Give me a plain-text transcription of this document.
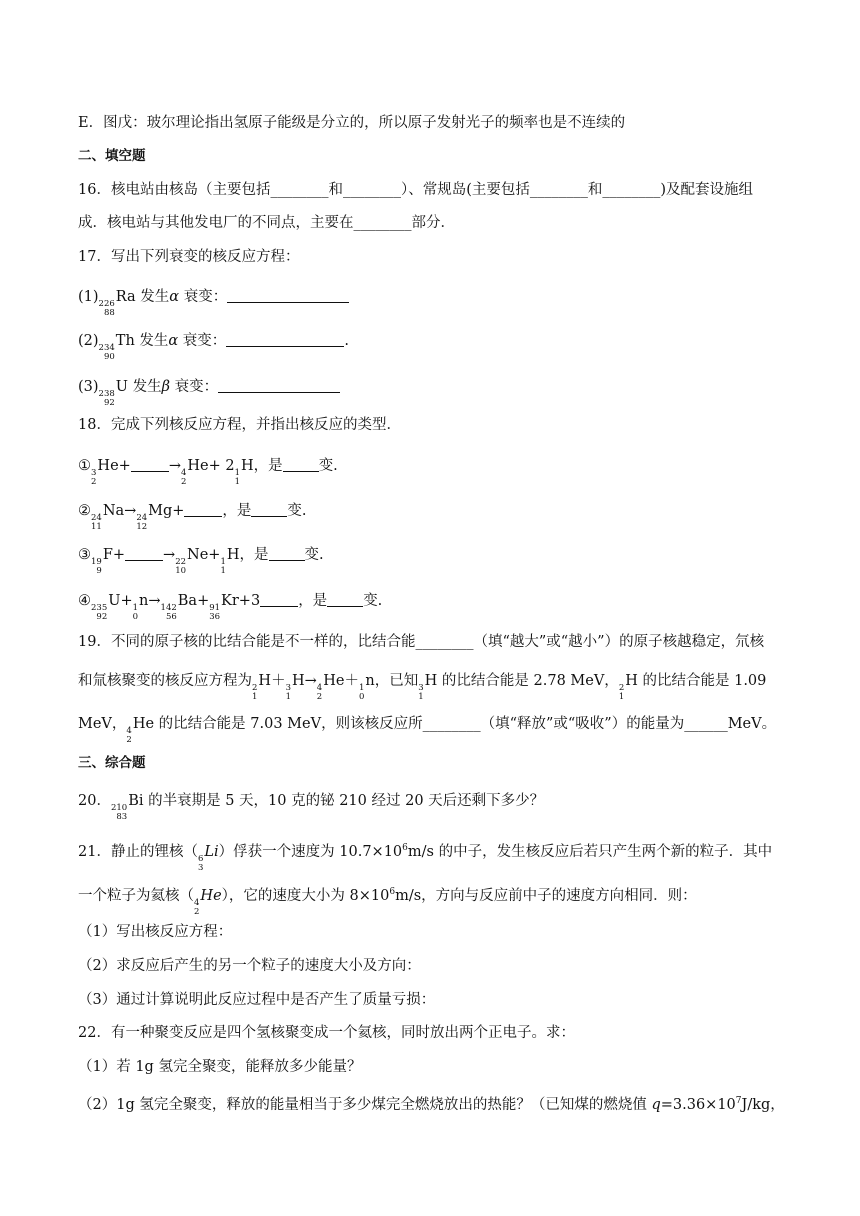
E．图戊：玻尔理论指出氢原子能级是分立的，所以原子发射光子的频率也是不连续的
二、填空题
16．核电站由核岛（主要包括________和________）、常规岛(主要包括________和________)及配套设施组
成．核电站与其他发电厂的不同点，主要在________部分．
17．写出下列衰变的核反应方程：
(1) 226
88
Ra 发生α 衰变：
(2) 234
90
Th 发生α 衰变：	.
(3) 238
92
U 发生β 衰变：
18．完成下列核反应方程，并指出核反应的类型．
① 3
2
He+	→ 4
2
He+ 2 1
1
H，是 变.
② 24
11
Na→ 24
12
Mg+	，是 变.
③ 19
9
F+	→ 22
10
Ne+ 1
1
H，是 变.
④ 235
92
U+ 1
0
n→ 142
56
Ba+ 91
36
Kr+3	，是 变.
19．不同的原子核的比结合能是不一样的，比结合能________（填“越大”或“越小”）的原子核越稳定，氘核
和氚核聚变的核反应方程为 2
1
H＋ 3
1
H→ 4
2
He＋ 1
0
n，已知 3
1
H 的比结合能是 2.78 MeV， 2
1
H 的比结合能是 1.09
MeV， 4
2
He 的比结合能是 7.03 MeV，则该核反应所________（填“释放”或“吸收”）的能量为______MeV。
三、综合题
20． 210
83
Bi 的半衰期是 5 天，10 克的铋 210 经过 20 天后还剩下多少？
21．静止的锂核（ 6
3
Li）俘获一个速度为 $10.7\times 10^6m/s$ 的中子，发生核反应后若只产生两个新的粒子．其中
一个粒子为氦核（ 4
2
He），它的速度大小为 $8\times 10^6m/s$，方向与反应前中子的速度方向相同．则：
（1）写出核反应方程：
（2）求反应后产生的另一个粒子的速度大小及方向：
（3）通过计算说明此反应过程中是否产生了质量亏损：
22．有一种聚变反应是四个氢核聚变成一个氦核，同时放出两个正电子。求：
（1）若 1g 氢完全聚变，能释放多少能量？
（2）1g 氢完全聚变，释放的能量相当于多少煤完全燃烧放出的热能？（已知煤的燃烧值 $q=3.36\times 10^7J/kg$，
